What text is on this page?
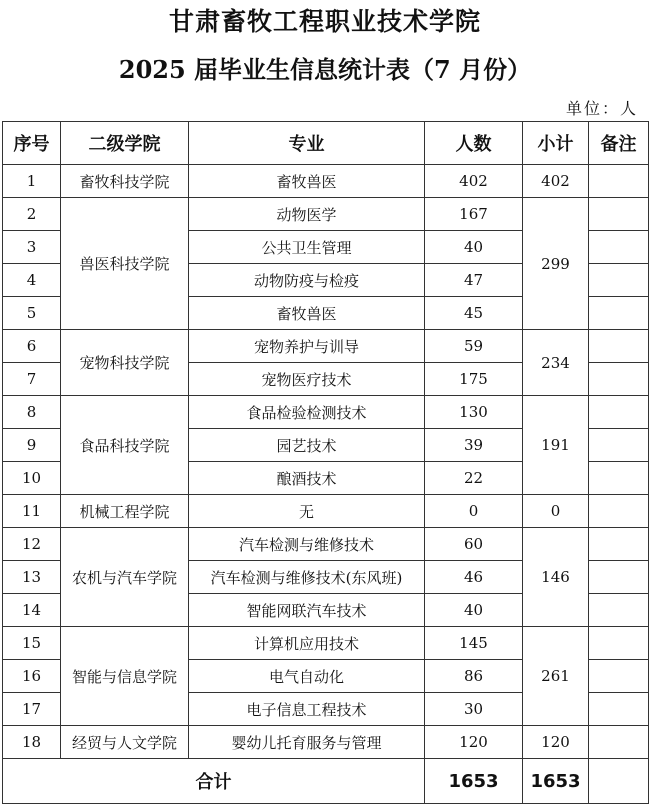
甘肃畜牧工程职业技术学院
2025 届毕业生信息统计表（7 月份）
单位：人
序号	二级学院	专业	人数	小计	备注
1	畜牧科技学院	畜牧兽医	402	402	
2	兽医科技学院	动物医学	167	299	
3		公共卫生管理	40		
4		动物防疫与检疫	47		
5		畜牧兽医	45		
6	宠物科技学院	宠物养护与训导	59	234	
7		宠物医疗技术	175		
8	食品科技学院	食品检验检测技术	130	191	
9		园艺技术	39		
10		酿酒技术	22		
11	机械工程学院	无	0	0	
12	农机与汽车学院	汽车检测与维修技术	60	146	
13		汽车检测与维修技术(东风班)	46		
14		智能网联汽车技术	40		
15	智能与信息学院	计算机应用技术	145	261	
16		电气自动化	86		
17		电子信息工程技术	30		
18	经贸与人文学院	婴幼儿托育服务与管理	120	120	
合计			1653	1653	
